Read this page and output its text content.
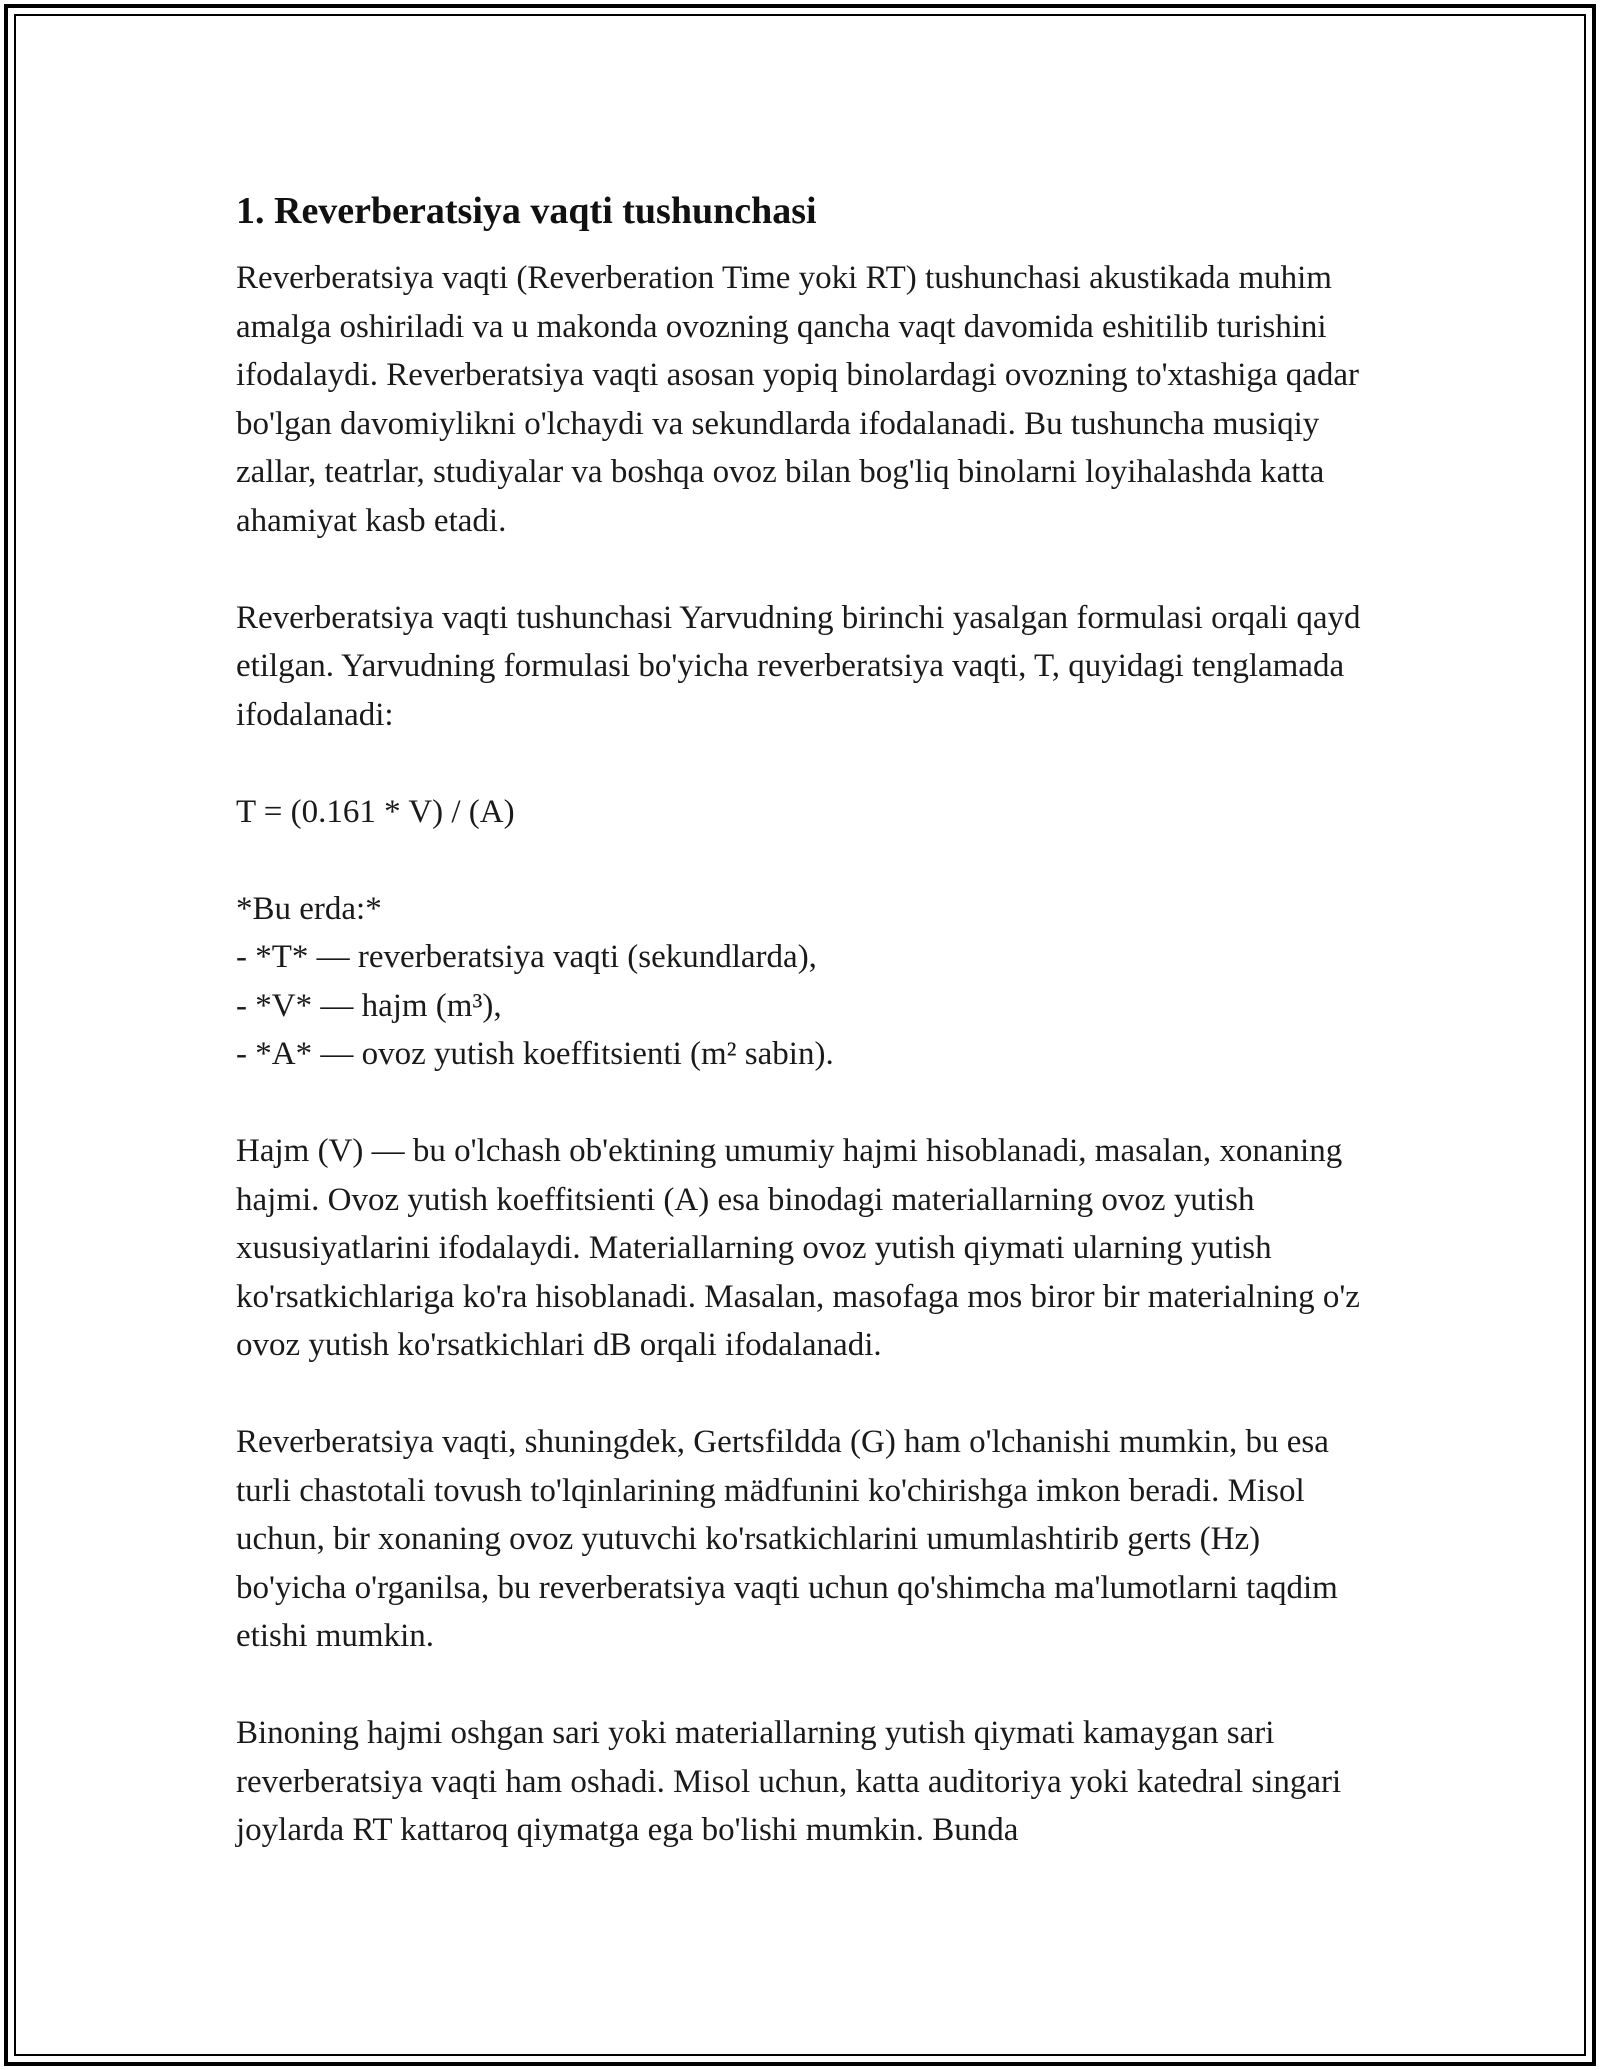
1. Reverberatsiya vaqti tushunchasi

Reverberatsiya vaqti (Reverberation Time yoki RT) tushunchasi akustikada muhim amalga oshiriladi va u makonda ovozning qancha vaqt davomida eshitilib turishini ifodalaydi. Reverberatsiya vaqti asosan yopiq binolardagi ovozning to'xtashiga qadar bo'lgan davomiylikni o'lchaydi va sekundlarda ifodalanadi. Bu tushuncha musiqiy zallar, teatrlar, studiyalar va boshqa ovoz bilan bog'liq binolarni loyihalashda katta ahamiyat kasb etadi.

Reverberatsiya vaqti tushunchasi Yarvudning birinchi yasalgan formulasi orqali qayd etilgan. Yarvudning formulasi bo'yicha reverberatsiya vaqti, T, quyidagi tenglamada ifodalanadi:

T = (0.161 * V) / (A)

*Bu erda:*
- *T* — reverberatsiya vaqti (sekundlarda),
- *V* — hajm (m³),
- *A* — ovoz yutish koeffitsienti (m² sabin).

Hajm (V) — bu o'lchash ob'ektining umumiy hajmi hisoblanadi, masalan, xonaning hajmi. Ovoz yutish koeffitsienti (A) esa binodagi materiallarning ovoz yutish xususiyatlarini ifodalaydi. Materiallarning ovoz yutish qiymati ularning yutish ko'rsatkichlariga ko'ra hisoblanadi. Masalan, masofaga mos biror bir materialning o'z ovoz yutish ko'rsatkichlari dB orqali ifodalanadi.

Reverberatsiya vaqti, shuningdek, Gertsfildda (G) ham o'lchanishi mumkin, bu esa turli chastotali tovush to'lqinlarining mädfunini ko'chirishga imkon beradi. Misol uchun, bir xonaning ovoz yutuvchi ko'rsatkichlarini umumlashtirib gerts (Hz) bo'yicha o'rganilsa, bu reverberatsiya vaqti uchun qo'shimcha ma'lumotlarni taqdim etishi mumkin.

Binoning hajmi oshgan sari yoki materiallarning yutish qiymati kamaygan sari reverberatsiya vaqti ham oshadi. Misol uchun, katta auditoriya yoki katedral singari joylarda RT kattaroq qiymatga ega bo'lishi mumkin. Bunda
